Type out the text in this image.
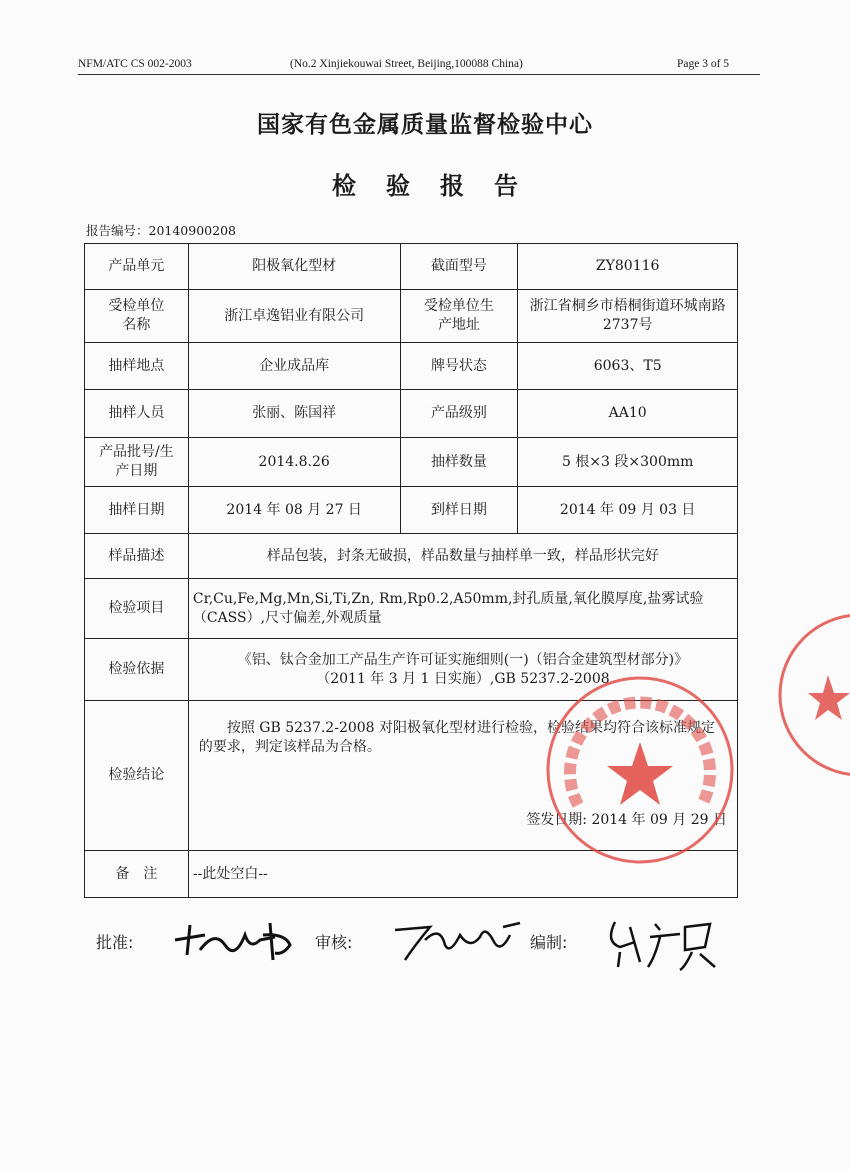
NFM/ATC CS 002-2003	(No.2 Xinjiekouwai Street, Beijing,100088 China)	Page 3 of 5
国家有色金属质量监督检验中心
检验报告
报告编号：20140900208
产品单元	阳极氧化型材	截面型号	ZY80116
受检单位名称	浙江卓逸铝业有限公司	受检单位生产地址	浙江省桐乡市梧桐街道环城南路2737号
抽样地点	企业成品库	牌号状态	6063、T5
抽样人员	张丽、陈国祥	产品级别	AA10
产品批号/生产日期	2014.8.26	抽样数量	5 根×3 段×300mm
抽样日期	2014 年 08 月 27 日	到样日期	2014 年 09 月 03 日
样品描述	样品包装，封条无破损，样品数量与抽样单一致，样品形状完好		
检验项目	Cr,Cu,Fe,Mg,Mn,Si,Ti,Zn, Rm,Rp0.2,A50mm,封孔质量,氧化膜厚度,盐雾试验（CASS）,尺寸偏差,外观质量		
检验依据	《铝、钛合金加工产品生产许可证实施细则(一)（铝合金建筑型材部分)》
（2011 年 3 月 1 日实施）,GB 5237.2-2008		

检验结论	按照 GB 5237.2-2008 对阳极氧化型材进行检验，检验结果均符合该标准规定的要求，判定该样品为合格。
签发日期: 2014 年 09 月 29 日		

备　注	--此处空白--		
批准:	审核:	编制:
